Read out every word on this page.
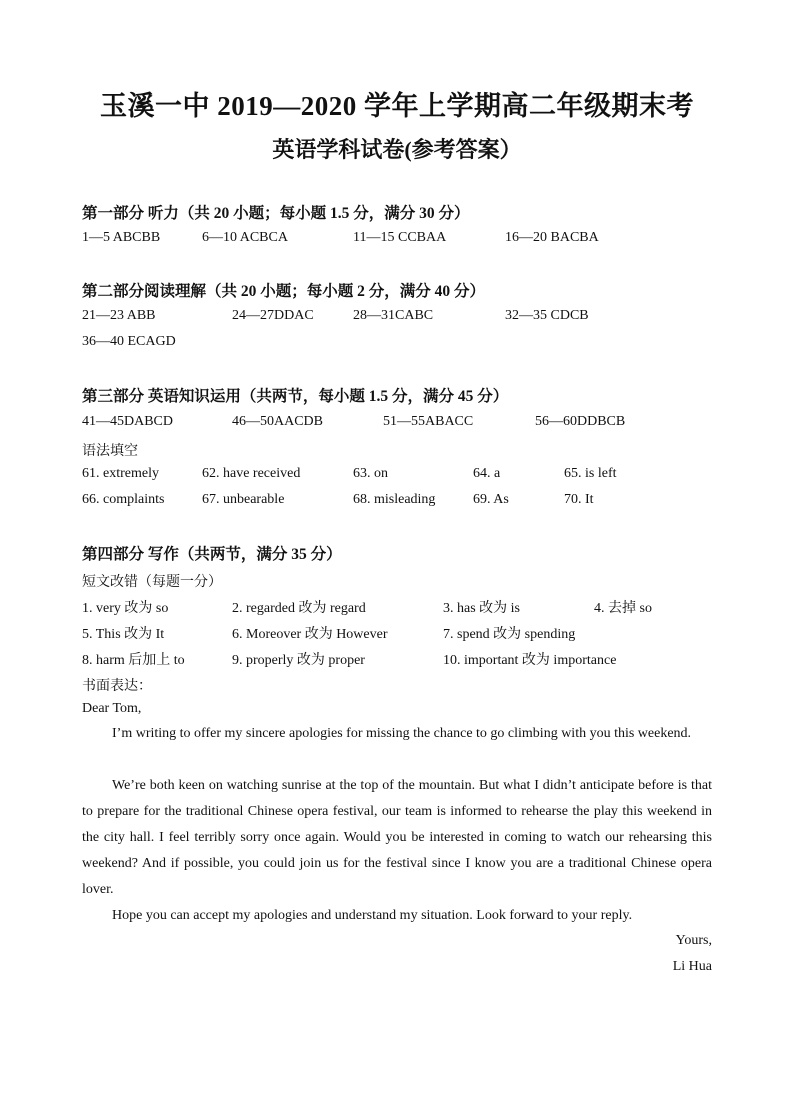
玉溪一中 2019—2020 学年上学期高二年级期末考
英语学科试卷(参考答案）
第一部分 听力（共 20 小题；每小题 1.5 分，满分 30 分）
1—5 ABCBB	6—10 ACBCA	11—15 CCBAA	16—20 BACBA
第二部分阅读理解（共 20 小题；每小题 2 分，满分 40 分）
21—23 ABB	24—27DDAC	28—31CABC	32—35 CDCB
36—40 ECAGD
第三部分 英语知识运用（共两节，每小题 1.5 分，满分 45 分）
41—45DABCD	46—50AACDB	51—55ABACC	56—60DDBCB
语法填空
61. extremely	62. have received	63. on	64. a	65. is left
66. complaints	67. unbearable	68. misleading	69. As	70. It
第四部分 写作（共两节，满分 35 分）
短文改错（每题一分）
1. very 改为 so	2. regarded 改为 regard	3. has 改为 is	4. 去掉 so
5. This 改为 It	6. Moreover 改为 However	7. spend 改为 spending
8. harm 后加上 to	9. properly 改为 proper	10. important 改为 importance
书面表达：
Dear Tom,

I’m writing to offer my sincere apologies for missing the chance to go climbing with you this weekend.

We’re both keen on watching sunrise at the top of the mountain. But what I didn’t anticipate before is that to prepare for the traditional Chinese opera festival, our team is informed to rehearse the play this weekend in the city hall. I feel terribly sorry once again. Would you be interested in coming to watch our rehearsing this weekend? And if possible, you could join us for the festival since I know you are a traditional Chinese opera lover.

Hope you can accept my apologies and understand my situation. Look forward to your reply.

Yours,
Li Hua
